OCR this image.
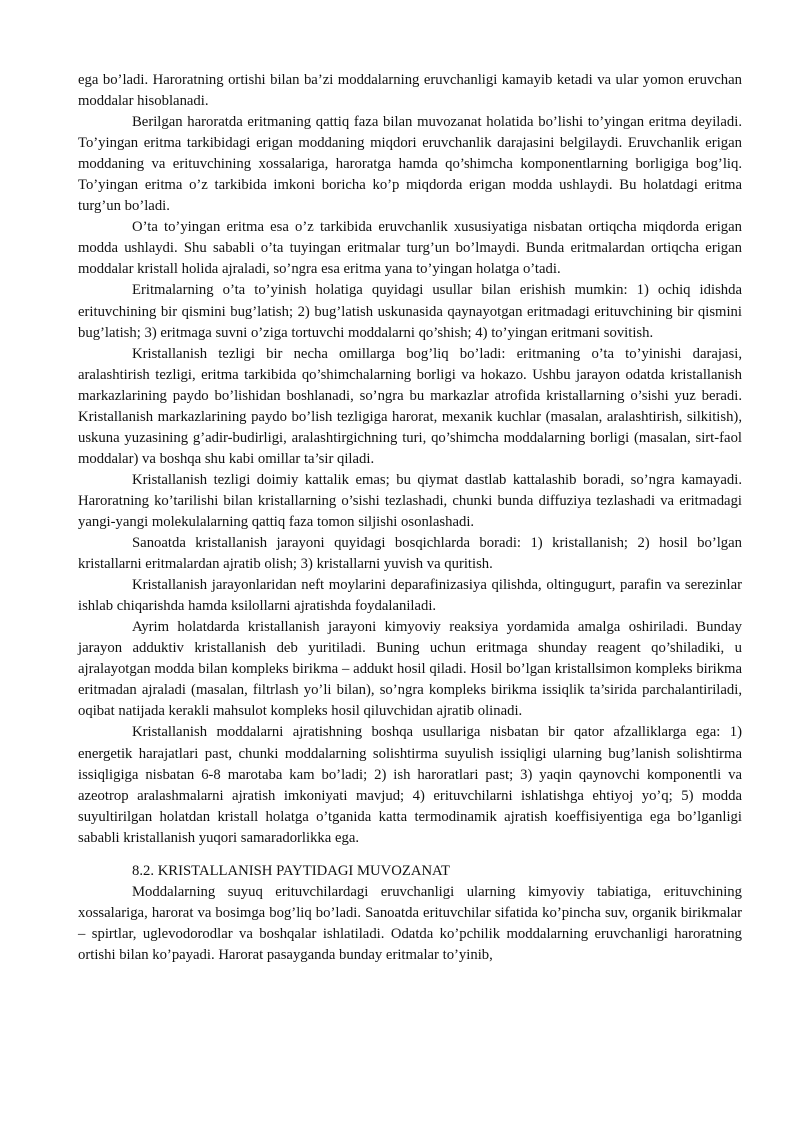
ega bo’ladi. Haroratning ortishi bilan ba’zi moddalarning eruvchanligi kamayib ketadi va ular yomon eruvchan moddalar hisoblanadi.

Berilgan haroratda eritmaning qattiq faza bilan muvozanat holatida bo’lishi to’yingan eritma deyiladi. To’yingan eritma tarkibidagi erigan moddaning miqdori eruvchanlik darajasini belgilaydi. Eruvchanlik erigan moddaning va erituvchining xossalariga, haroratga hamda qo’shimcha komponentlarning borligiga bog’liq. To’yingan eritma o’z tarkibida imkoni boricha ko’p miqdorda erigan modda ushlaydi. Bu holatdagi eritma turg’un bo’ladi.

O’ta to’yingan eritma esa o’z tarkibida eruvchanlik xususiyatiga nisbatan ortiqcha miqdorda erigan modda ushlaydi. Shu sababli o’ta tuyingan eritmalar turg’un bo’lmaydi. Bunda eritmalardan ortiqcha erigan moddalar kristall holida ajraladi, so’ngra esa eritma yana to’yingan holatga o’tadi.

Eritmalarning o’ta to’yinish holatiga quyidagi usullar bilan erishish mumkin: 1) ochiq idishda erituvchining bir qismini bug’latish; 2) bug’latish uskunasida qaynayotgan eritmadagi erituvchining bir qismini bug’latish; 3) eritmaga suvni o’ziga tortuvchi moddalarni qo’shish; 4) to’yingan eritmani sovitish.

Kristallanish tezligi bir necha omillarga bog’liq bo’ladi: eritmaning o’ta to’yinishi darajasi, aralashtirish tezligi, eritma tarkibida qo’shimchalarning borligi va hokazo. Ushbu jarayon odatda kristallanish markazlarining paydo bo’lishidan boshlanadi, so’ngra bu markazlar atrofida kristallarning o’sishi yuz beradi. Kristallanish markazlarining paydo bo’lish tezligiga harorat, mexanik kuchlar (masalan, aralashtirish, silkitish), uskuna yuzasining g’adir-budirligi, aralashtirgichning turi, qo’shimcha moddalarning borligi (masalan, sirt-faol moddalar) va boshqa shu kabi omillar ta’sir qiladi.

Kristallanish tezligi doimiy kattalik emas; bu qiymat dastlab kattalashib boradi, so’ngra kamayadi. Haroratning ko’tarilishi bilan kristallarning o’sishi tezlashadi, chunki bunda diffuziya tezlashadi va eritmadagi yangi-yangi molekulalarning qattiq faza tomon siljishi osonlashadi.

Sanoatda kristallanish jarayoni quyidagi bosqichlarda boradi: 1) kristallanish; 2) hosil bo’lgan kristallarni eritmalardan ajratib olish; 3) kristallarni yuvish va quritish.

Kristallanish jarayonlaridan neft moylarini deparafinizasiya qilishda, oltingugurt, parafin va serezinlar ishlab chiqarishda hamda ksilollarni ajratishda foydalaniladi.

Ayrim holatdarda kristallanish jarayoni kimyoviy reaksiya yordamida amalga oshiriladi. Bunday jarayon adduktiv kristallanish deb yuritiladi. Buning uchun eritmaga shunday reagent qo’shiladiki, u ajralayotgan modda bilan kompleks birikma – addukt hosil qiladi. Hosil bo’lgan kristallsimon kompleks birikma eritmadan ajraladi (masalan, filtrlash yo’li bilan), so’ngra kompleks birikma issiqlik ta’sirida parchalantiriladi, oqibat natijada kerakli mahsulot kompleks hosil qiluvchidan ajratib olinadi.

Kristallanish moddalarni ajratishning boshqa usullariga nisbatan bir qator afzalliklarga ega: 1) energetik harajatlari past, chunki moddalarning solishtirma suyulish issiqligi ularning bug’lanish solishtirma issiqligiga nisbatan 6-8 marotaba kam bo’ladi; 2) ish haroratlari past; 3) yaqin qaynovchi komponentli va azeotrop aralashmalarni ajratish imkoniyati mavjud; 4) erituvchilarni ishlatishga ehtiyoj yo’q; 5) modda suyultirilgan holatdan kristall holatga o’tganida katta termodinamik ajratish koeffisiyentiga ega bo’lganligi sababli kristallanish yuqori samaradorlikka ega.

8.2. KRISTALLANISH PAYTIDAGI MUVOZANAT

Moddalarning suyuq erituvchilardagi eruvchanligi ularning kimyoviy tabiatiga, erituvchining xossalariga, harorat va bosimga bog’liq bo’ladi. Sanoatda erituvchilar sifatida ko’pincha suv, organik birikmalar – spirtlar, uglevodorodlar va boshqalar ishlatiladi. Odatda ko’pchilik moddalarning eruvchanligi haroratning ortishi bilan ko’payadi. Harorat pasayganda bunday eritmalar to’yinib,
